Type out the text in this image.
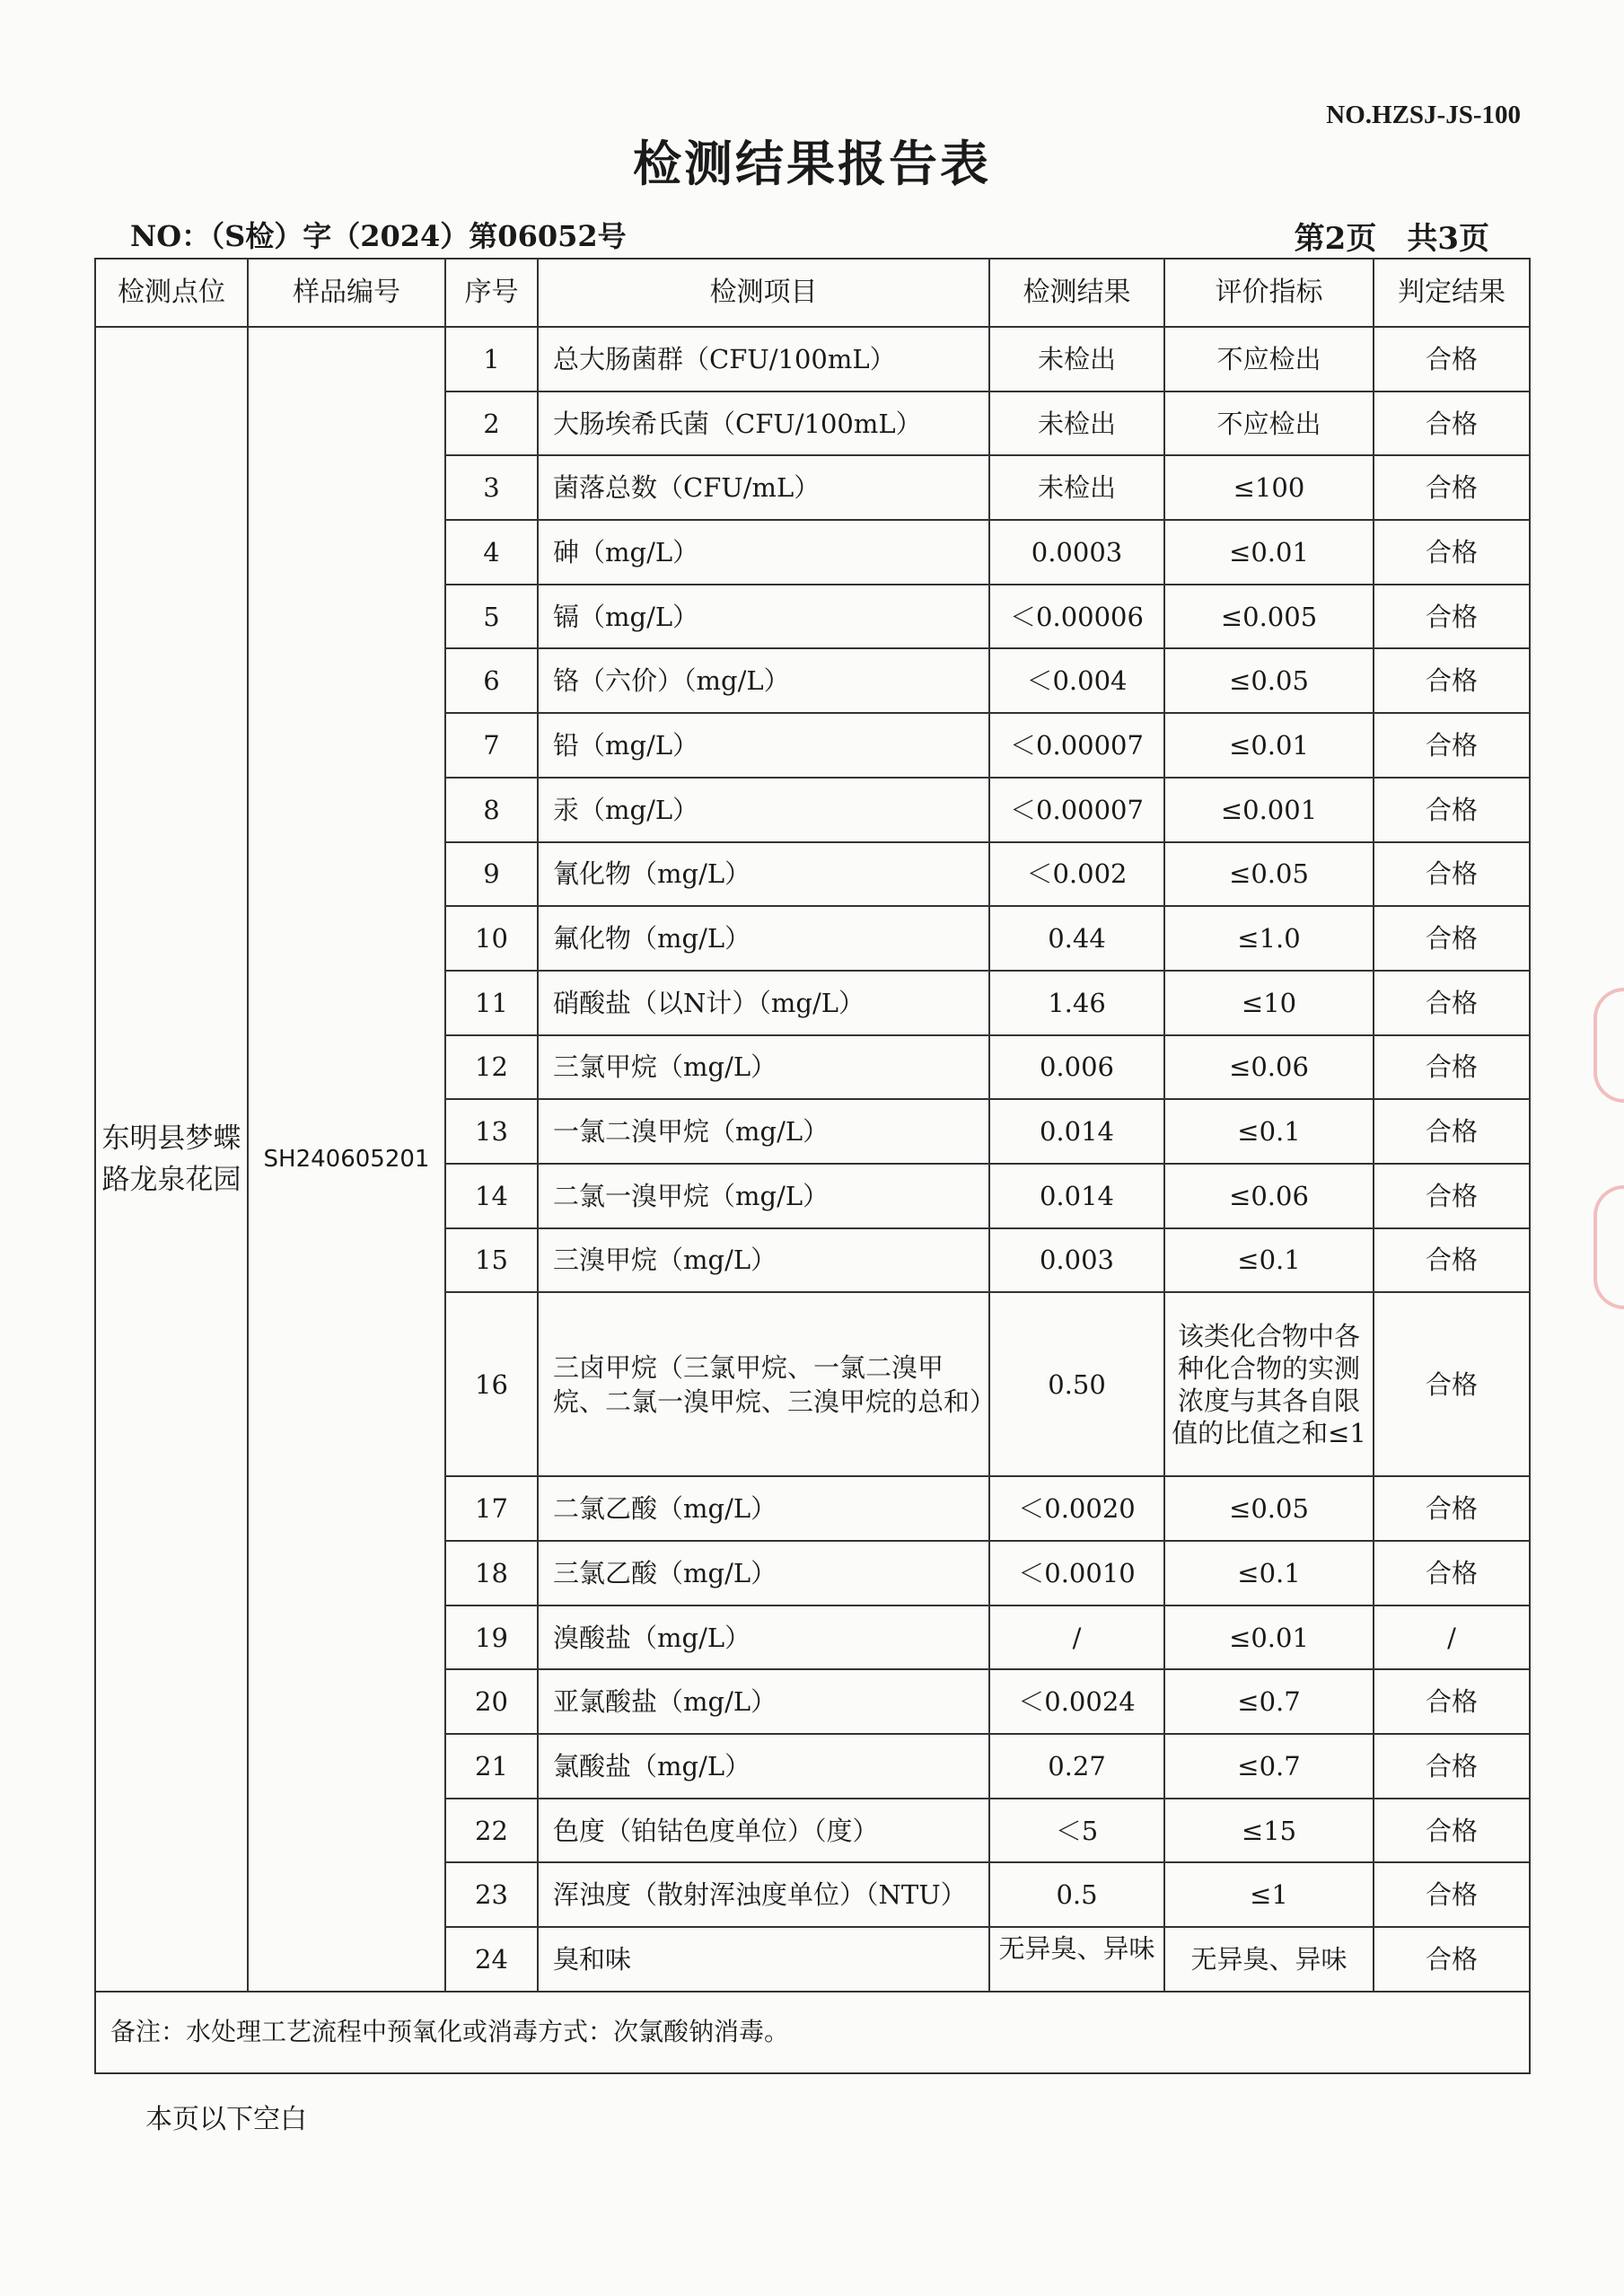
NO.HZSJ-JS-100
检测结果报告表
NO：（S检）字（2024）第06052号	第2页　共3页
检测点位	样品编号	序号	检测项目	检测结果	评价指标	判定结果
东明县梦蝶路龙泉花园	SH240605201	1	总大肠菌群（CFU/100mL）	未检出	不应检出	合格
		2	大肠埃希氏菌（CFU/100mL）	未检出	不应检出	合格
		3	菌落总数（CFU/mL）	未检出	≤100	合格
		4	砷（mg/L）	0.0003	≤0.01	合格
		5	镉（mg/L）	＜0.00006	≤0.005	合格
		6	铬（六价）（mg/L）	＜0.004	≤0.05	合格
		7	铅（mg/L）	＜0.00007	≤0.01	合格
		8	汞（mg/L）	＜0.00007	≤0.001	合格
		9	氰化物（mg/L）	＜0.002	≤0.05	合格
		10	氟化物（mg/L）	0.44	≤1.0	合格
		11	硝酸盐（以N计）（mg/L）	1.46	≤10	合格
		12	三氯甲烷（mg/L）	0.006	≤0.06	合格
		13	一氯二溴甲烷（mg/L）	0.014	≤0.1	合格
		14	二氯一溴甲烷（mg/L）	0.014	≤0.06	合格
		15	三溴甲烷（mg/L）	0.003	≤0.1	合格
		16	三卤甲烷（三氯甲烷、一氯二溴甲烷、二氯一溴甲烷、三溴甲烷的总和）	0.50	该类化合物中各种化合物的实测浓度与其各自限值的比值之和≤1	合格
		17	二氯乙酸（mg/L）	＜0.0020	≤0.05	合格
		18	三氯乙酸（mg/L）	＜0.0010	≤0.1	合格
		19	溴酸盐（mg/L）	/	≤0.01	/
		20	亚氯酸盐（mg/L）	＜0.0024	≤0.7	合格
		21	氯酸盐（mg/L）	0.27	≤0.7	合格
		22	色度（铂钴色度单位）（度）	＜5	≤15	合格
		23	浑浊度（散射浑浊度单位）（NTU）	0.5	≤1	合格
		24	臭和味	无异臭、异味	无异臭、异味	合格
备注：水处理工艺流程中预氧化或消毒方式：次氯酸钠消毒。						
本页以下空白
